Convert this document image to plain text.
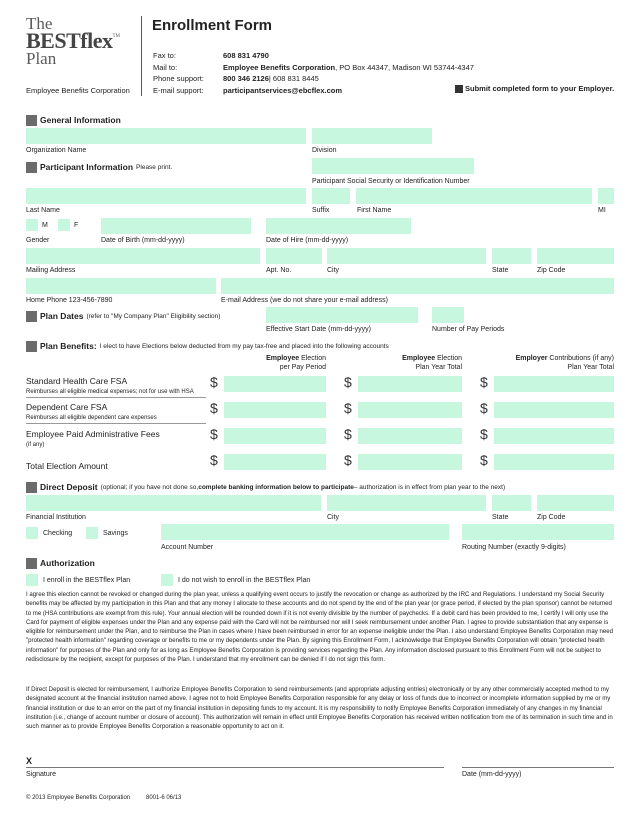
The
BESTflex TM
Plan
Employee Benefits Corporation
Enrollment Form
Fax to:	608 831 4790
Mail to:	Employee Benefits Corporation , PO Box 44347, Madison WI 53744-4347
Phone support:	800 346 2126 | 608 831 8445
E-mail support:	participantservices@ebcflex.com	Submit completed form to your Employer.
General Information
Organization Name	Division
Participant Information Please print.
Participant Social Security or Identification Number
Last Name	Suffix	First Name	MI
M	F
Gender	Date of Birth (mm-dd-yyyy)	Date of Hire (mm-dd-yyyy)
Mailing Address	Apt. No.	City	State	Zip Code
Home Phone 123-456-7890	E-mail Address (we do not share your e-mail address)
Plan Dates (refer to "My Company Plan" Eligibility section)
Effective Start Date (mm-dd-yyyy)	Number of Pay Periods
Plan Benefits: I elect to have Elections below deducted from my pay tax-free and placed into the following accounts
Employee Election
per Pay Period
Employee Election
Plan Year Total
Employer Contributions (if any)
Plan Year Total
Standard Health Care FSA
Reimburses all eligible medical expenses; not for use with HSA
$	$	$
Dependent Care FSA
Reimburses all eligible dependent care expenses
$	$	$
Employee Paid Administrative Fees
(if any)
$	$	$
Total Election Amount	$	$	$
Direct Deposit (optional; if you have not done so, complete banking information below to participate – authorization is in effect from plan year to the next)
Financial Institution	City	State	Zip Code
Checking	Savings
Account Number	Routing Number (exactly 9-digits)
Authorization
I enroll in the BESTflex Plan	I do not wish to enroll in the BESTflex Plan
I agree this election cannot be revoked or changed during the plan year, unless a qualifying event occurs to justify the revocation or change as authorized by the IRC and Regulations. I understand my Social Security benefits may be affected by my participation in this Plan and that any money I allocate to these accounts and do not spend by the end of the plan year (or grace period, if elected by the plan sponsor) cannot be returned to me (HSA contributions are exempt from this rule). Your annual election will be rounded down if it is not evenly divisible by the number of paychecks. If a debit card has been provided to me, I certify I will only use the Card for payment of eligible expenses under the Plan and any expense paid with the Card will not be reimbursed nor will I seek reimbursement under another Plan. I agree to provide substantiation that any expense is eligible for reimbursement under the Plan, and to reimburse the Plan in cases where I have been reimbursed in error for an expense ineligible under the Plan. I also understand Employee Benefits Corporation may need "protected health information" regarding coverage or benefits to me or my dependents under the Plan. By signing this Enrollment Form, I acknowledge that Employee Benefits Corporation will obtain "protected health information" for purposes of the Plan and only for as long as Employee Benefits Corporation is providing services regarding the Plan. Any information disclosed pursuant to this Enrollment Form will not be subject to redisclosure by the recipient, except for purposes of the Plan. I understand that my enrollment can be denied if I do not sign this form.
If Direct Deposit is elected for reimbursement, I authorize Employee Benefits Corporation to send reimbursements (and appropriate adjusting entries) electronically or by any other commercially accepted method to my designated account at the financial institution named above. I agree not to hold Employee Benefits Corporation responsible for any delay or loss of funds due to incorrect or incomplete information supplied by me or my financial institution or due to an error on the part of my financial institution in depositing funds to my account. It is my responsibility to notify Employee Benefits Corporation immediately of any changes in my financial institution (i.e., change of account number or closure of account). This authorization will remain in effect until Employee Benefits Corporation has received written notification from me of its termination in such time and in such manner as to provide Employee Benefits Corporation a reasonable opportunity to act on it.
X
Signature	Date (mm-dd-yyyy)
© 2013 Employee Benefits Corporation	8001-6 06/13
